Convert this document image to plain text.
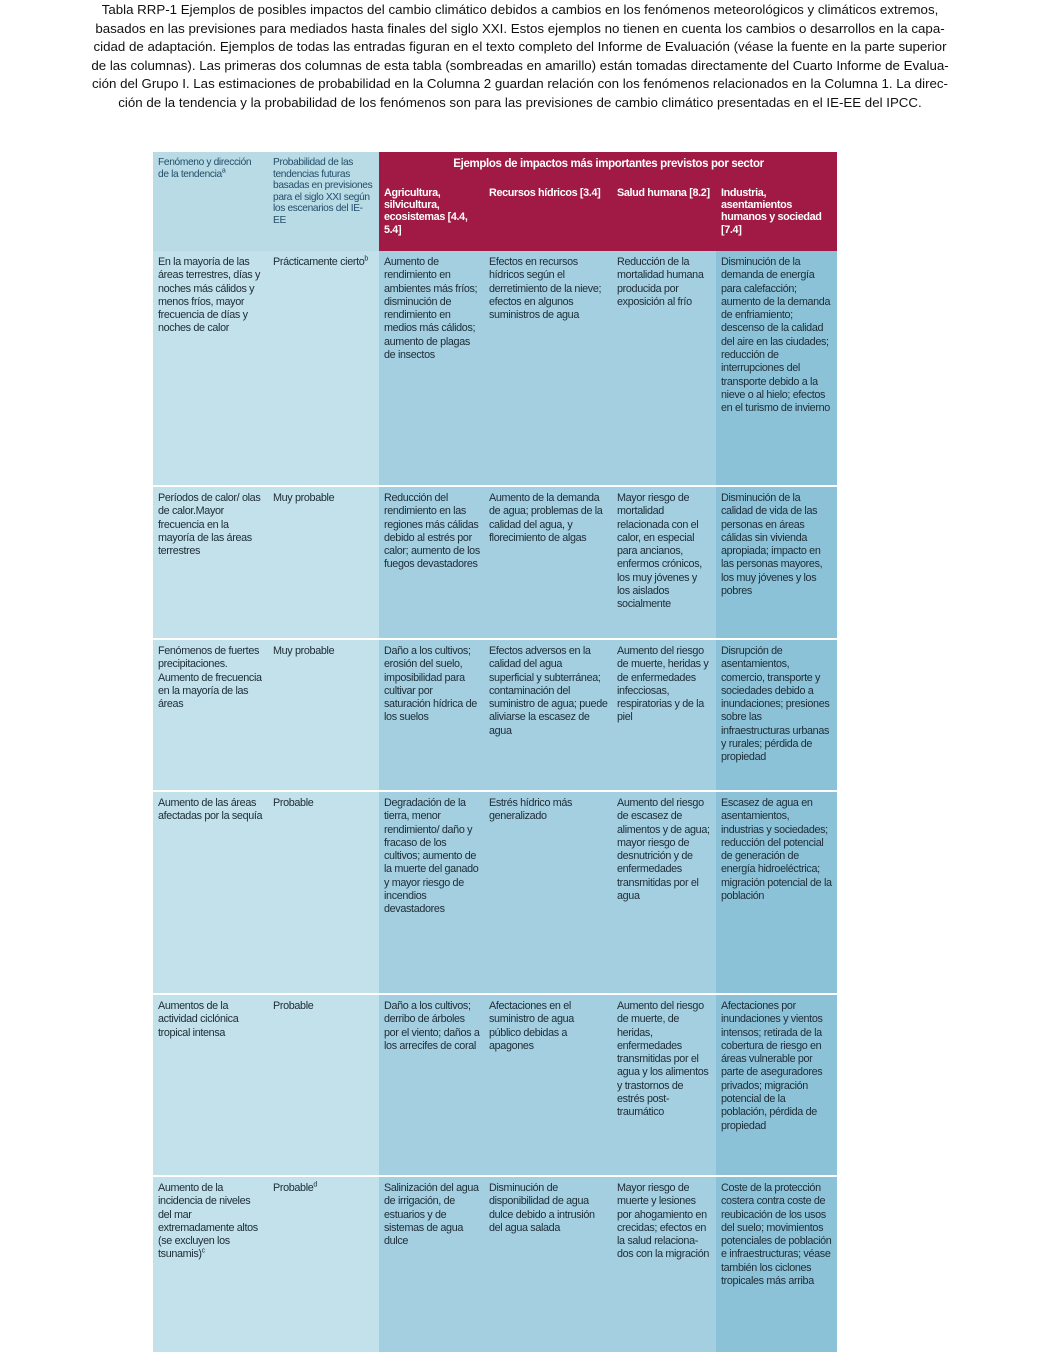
Tabla RRP-1 Ejemplos de posibles impactos del cambio climático debidos a cambios en los fenómenos meteorológicos y climáticos extremos,
basados en las previsiones para mediados hasta finales del siglo XXI. Estos ejemplos no tienen en cuenta los cambios o desarrollos en la capa-
cidad de adaptación. Ejemplos de todas las entradas figuran en el texto completo del Informe de Evaluación (véase la fuente en la parte superior
de las columnas). Las primeras dos columnas de esta tabla (sombreadas en amarillo) están tomadas directamente del Cuarto Informe de Evalua-
ción del Grupo I. Las estimaciones de probabilidad en la Columna 2 guardan relación con los fenómenos relacionados en la Columna 1. La direc-
ción de la tendencia y la probabilidad de los fenómenos son para las previsiones de cambio climático presentadas en el IE-EE del IPCC.
Fenómeno y dirección de la tendencia$^a$	Probabilidad de las tendencias futuras basadas en previsiones para el siglo XXI según los escenarios del IE-EE	Ejemplos de impactos más importantes previstos por sector			
		Agricultura, silvicultura, ecosistemas [4.4, 5.4]	Recursos hídricos [3.4]	Salud humana [8.2]	Industria, asentamientos humanos y sociedad [7.4]
En la mayoría de las áreas terrestres, días y noches más cálidos y menos fríos, mayor frecuencia de días y noches de calor	Prácticamente cierto$^b$	Aumento de rendimiento en ambientes más fríos; disminución de rendimiento en medios más cálidos; aumento de plagas de insectos	Efectos en recursos hídricos según el derretimiento de la nieve; efectos en algunos suministros de agua	Reducción de la mortalidad humana producida por exposición al frío	Disminución de la demanda de energía para calefacción; aumento de la demanda de enfriamiento; descenso de la calidad del aire en las ciudades; reducción de interrupciones del transporte debido a la nieve o al hielo; efectos en el turismo de invierno
Períodos de calor/ olas de calor.Mayor frecuencia en la mayoría de las áreas terrestres	Muy probable	Reducción del rendimiento en las regiones más cálidas debido al estrés por calor; aumento de los fuegos devastadores	Aumento de la demanda de agua; problemas de la calidad del agua, y florecimiento de algas	Mayor riesgo de mortalidad relacionada con el calor, en especial para ancianos, enfermos crónicos, los muy jóvenes y los aislados socialmente	Disminución de la calidad de vida de las personas en áreas cálidas sin vivienda apropiada; impacto en las personas mayores, los muy jóvenes y los pobres
Fenómenos de fuertes precipitaciones. Aumento de frecuencia en la mayoría de las áreas	Muy probable	Daño a los cultivos; erosión del suelo, imposibilidad para cultivar por saturación hídrica de los suelos	Efectos adversos en la calidad del agua superficial y subterránea; contaminación del suministro de agua; puede aliviarse la escasez de agua	Aumento del riesgo de muerte, heridas y de enfermedades infecciosas, respiratorias y de la piel	Disrupción de asentamientos, comercio, transporte y sociedades debido a inundaciones; presiones sobre las infraestructuras urbanas y rurales; pérdida de propiedad
Aumento de las áreas afectadas por la sequía	Probable	Degradación de la tierra, menor rendimiento/ daño y fracaso de los cultivos; aumento de la muerte del ganado y mayor riesgo de incendios devastadores	Estrés hídrico más generalizado	Aumento del riesgo de escasez de alimentos y de agua; mayor riesgo de desnutrición y de enfermedades transmitidas por el agua	Escasez de agua en asentamientos, industrias y sociedades; reducción del potencial de generación de energía hidroeléctrica; migración potencial de la población
Aumentos de la actividad ciclónica tropical intensa	Probable	Daño a los cultivos; derribo de árboles por el viento; daños a los arrecifes de coral	Afectaciones en el suministro de agua público debidas a apagones	Aumento del riesgo de muerte, de heridas, enfermedades transmitidas por el agua y los alimentos y trastornos de estrés post- traumático	Afectaciones por inundaciones y vientos intensos; retirada de la cobertura de riesgo en áreas vulnerable por parte de aseguradores privados; migración potencial de la población, pérdida de propiedad
Aumento de la incidencia de niveles del mar extremadamente altos (se excluyen los tsunamis)$^c$	Probable$^d$	Salinización del agua de irrigación, de estuarios y de sistemas de agua dulce	Disminución de disponibilidad de agua dulce debido a intrusión del agua salada	Mayor riesgo de muerte y lesiones por ahogamiento en crecidas; efectos en la salud relaciona- dos con la migración	Coste de la protección costera contra coste de reubicación de los usos del suelo; movimientos potenciales de población e infraestructuras; véase también los ciclones tropicales más arriba
